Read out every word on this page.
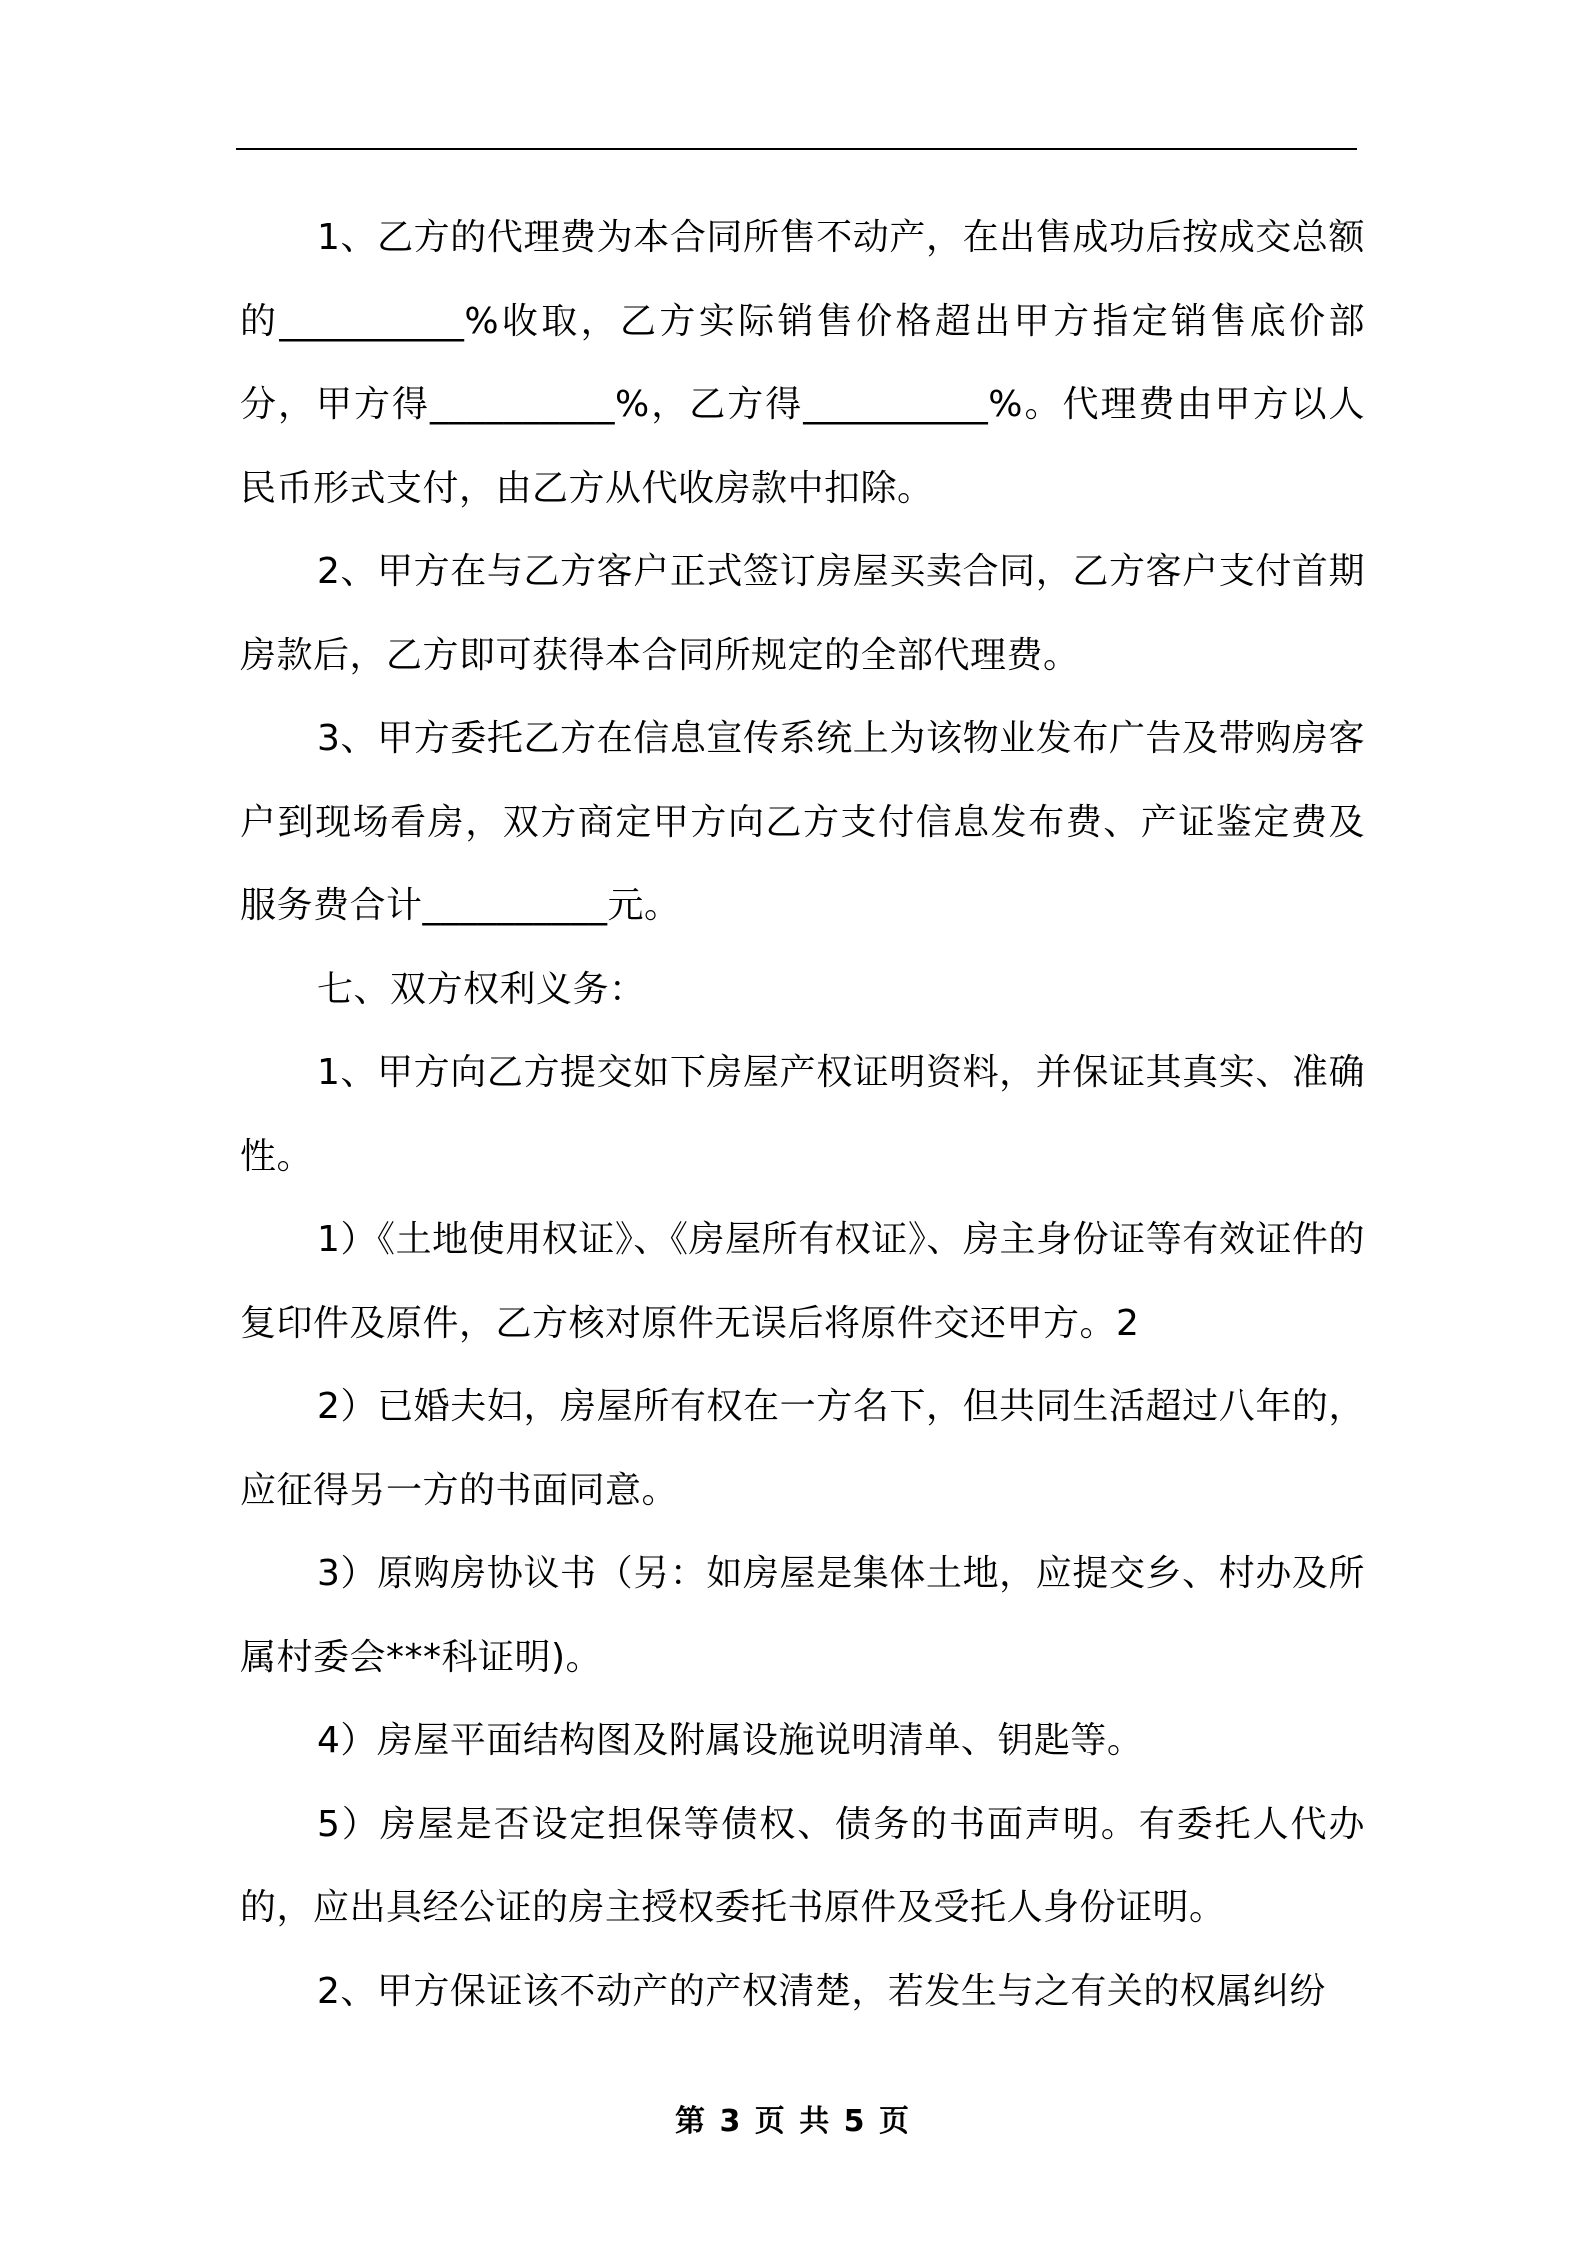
1、乙方的代理费为本合同所售不动产，在出售成功后按成交总额的__________%收取，乙方实际销售价格超出甲方指定销售底价部分，甲方得__________%，乙方得__________%。代理费由甲方以人民币形式支付，由乙方从代收房款中扣除。

2、甲方在与乙方客户正式签订房屋买卖合同，乙方客户支付首期房款后，乙方即可获得本合同所规定的全部代理费。

3、甲方委托乙方在信息宣传系统上为该物业发布广告及带购房客户到现场看房，双方商定甲方向乙方支付信息发布费、产证鉴定费及服务费合计__________元。

七、双方权利义务：

1、甲方向乙方提交如下房屋产权证明资料，并保证其真实、准确性。

1）《土地使用权证》、《房屋所有权证》、房主身份证等有效证件的复印件及原件，乙方核对原件无误后将原件交还甲方。2

2）已婚夫妇，房屋所有权在一方名下，但共同生活超过八年的，应征得另一方的书面同意。

3）原购房协议书（另：如房屋是集体土地，应提交乡、村办及所属村委会***科证明)。

4）房屋平面结构图及附属设施说明清单、钥匙等。

5）房屋是否设定担保等债权、债务的书面声明。有委托人代办的，应出具经公证的房主授权委托书原件及受托人身份证明。

2、甲方保证该不动产的产权清楚，若发生与之有关的权属纠纷

第 3 页 共 5 页
